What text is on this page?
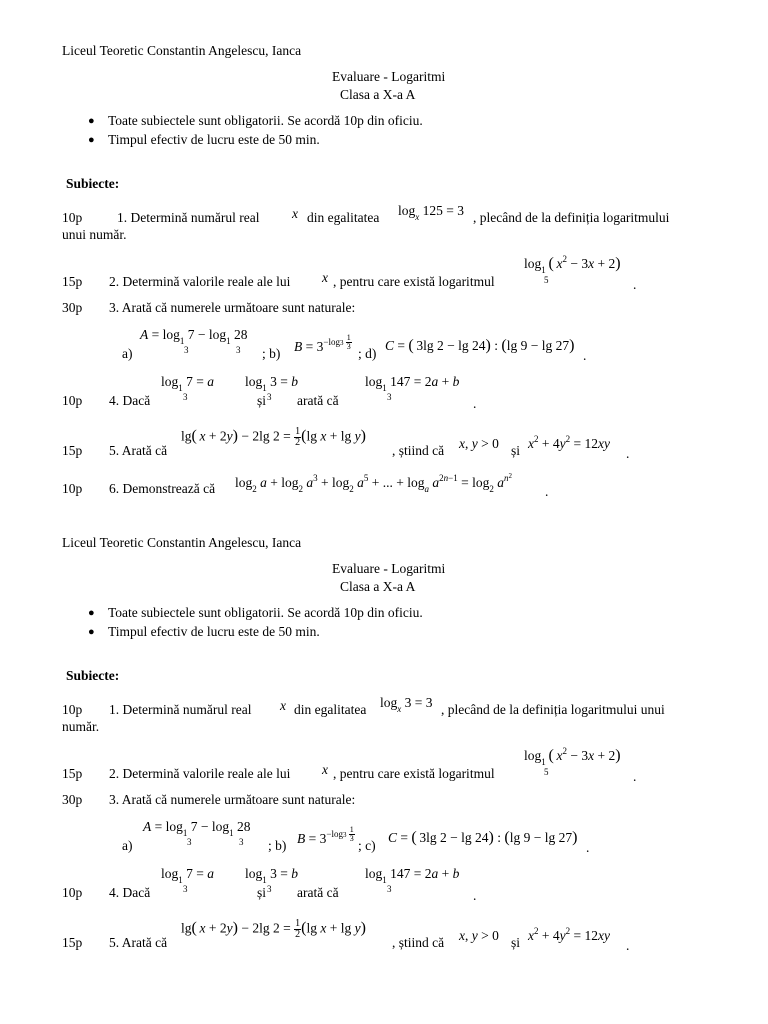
Liceul Teoretic Constantin Angelescu, Ianca
Evaluare - Logaritmi
Clasa a X-a A
● Toate subiectele sunt obligatorii. Se acordă 10p din oficiu.
● Timpul efectiv de lucru este de 50 min.
Subiecte:
10p	1. Determină numărul real x din egalitatea $\log_x 125 = 3$ , plecând de la definiția logaritmului
unui număr.
$\log_1$  (  $x^2 - 3x + 2$)
5
15p 2. Determină valorile reale ale lui x , pentru care există logaritmul	.
30p 3. Arată că numerele următoare sunt naturale:
$A = \log_1 7 - \log_1 28$
3	3
a)	; b) $B = 3^{-log3 \frac{1}{3}}$
; d)
C = ( 3lg 2 − lg 24) : (lg 9 − lg 27)
.
$\log_1 7 = a$
3
$\log_1 3 = b$
3
$\log_1 147 = 2a + b$
3
10p 4. Dacă	și arată că	.
15p 5. Arată că
lg(  x + 2y) − 2lg $2 = \frac{1}{2} (\lg$ x + lg y)
, știind că x, y > 0 și $x^2 + 4y^2 = 12xy$
.
10p 6. Demonstrează că $\log_2 a + \log_2 a^3 + \log_2 a^5$ + ... + $\log_a a^{2n-1} = \log_2 a^{n^2}$
.
Liceul Teoretic Constantin Angelescu, Ianca
Evaluare - Logaritmi
Clasa a X-a A
● Toate subiectele sunt obligatorii. Se acordă 10p din oficiu.
● Timpul efectiv de lucru este de 50 min.
Subiecte:
10p 1. Determină numărul real x din egalitatea $\log_x 3 = 3$ , plecând de la definiția logaritmului unui
număr.
$\log_1$  (  $x^2 - 3x + 2$)
5
15p 2. Determină valorile reale ale lui x , pentru care există logaritmul	.
30p 3. Arată că numerele următoare sunt naturale:
$A = \log_1 7 - \log_1 28$
3	3
a)	; b) $B = 3^{-log3 \frac{1}{3}}$
; c)
C = ( 3lg 2 − lg 24) : (lg 9 − lg 27)
.
$\log_1 7 = a$
3
$\log_1 3 = b$
3
$\log_1 147 = 2a + b$
3
10p 4. Dacă	și arată că	.
15p 5. Arată că
lg(  x + 2y) − 2lg $2 = \frac{1}{2} (\lg$ x + lg y)
, știind că x, y > 0 și $x^2 + 4y^2 = 12xy$
.
